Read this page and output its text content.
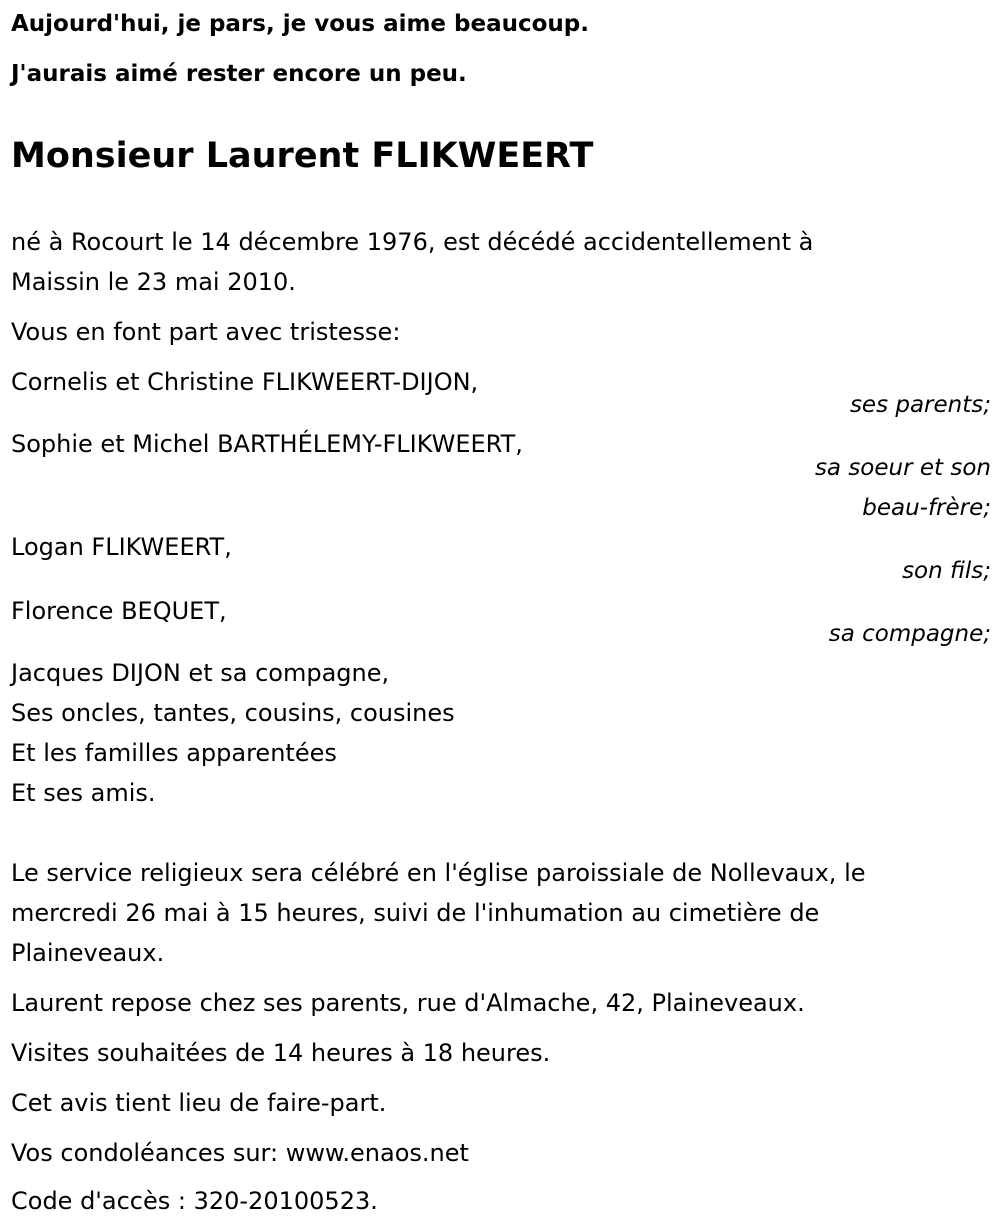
Aujourd'hui, je pars, je vous aime beaucoup.

J'aurais aimé rester encore un peu.

Monsieur Laurent FLIKWEERT
né à Rocourt le 14 décembre 1976, est décédé accidentellement à
Maissin le 23 mai 2010.
Vous en font part avec tristesse:
Cornelis et Christine FLIKWEERT-DIJON,
ses parents;
Sophie et Michel BARTHÉLEMY-FLIKWEERT,
sa soeur et son
beau-frère;
Logan FLIKWEERT,
son fils;
Florence BEQUET,
sa compagne;
Jacques DIJON et sa compagne,
Ses oncles, tantes, cousins, cousines
Et les familles apparentées
Et ses amis.
Le service religieux sera célébré en l'église paroissiale de Nollevaux, le
mercredi 26 mai à 15 heures, suivi de l'inhumation au cimetière de
Plaineveaux.
Laurent repose chez ses parents, rue d'Almache, 42, Plaineveaux.
Visites souhaitées de 14 heures à 18 heures.
Cet avis tient lieu de faire-part.
Vos condoléances sur: www.enaos.net
Code d'accès : 320-20100523.
